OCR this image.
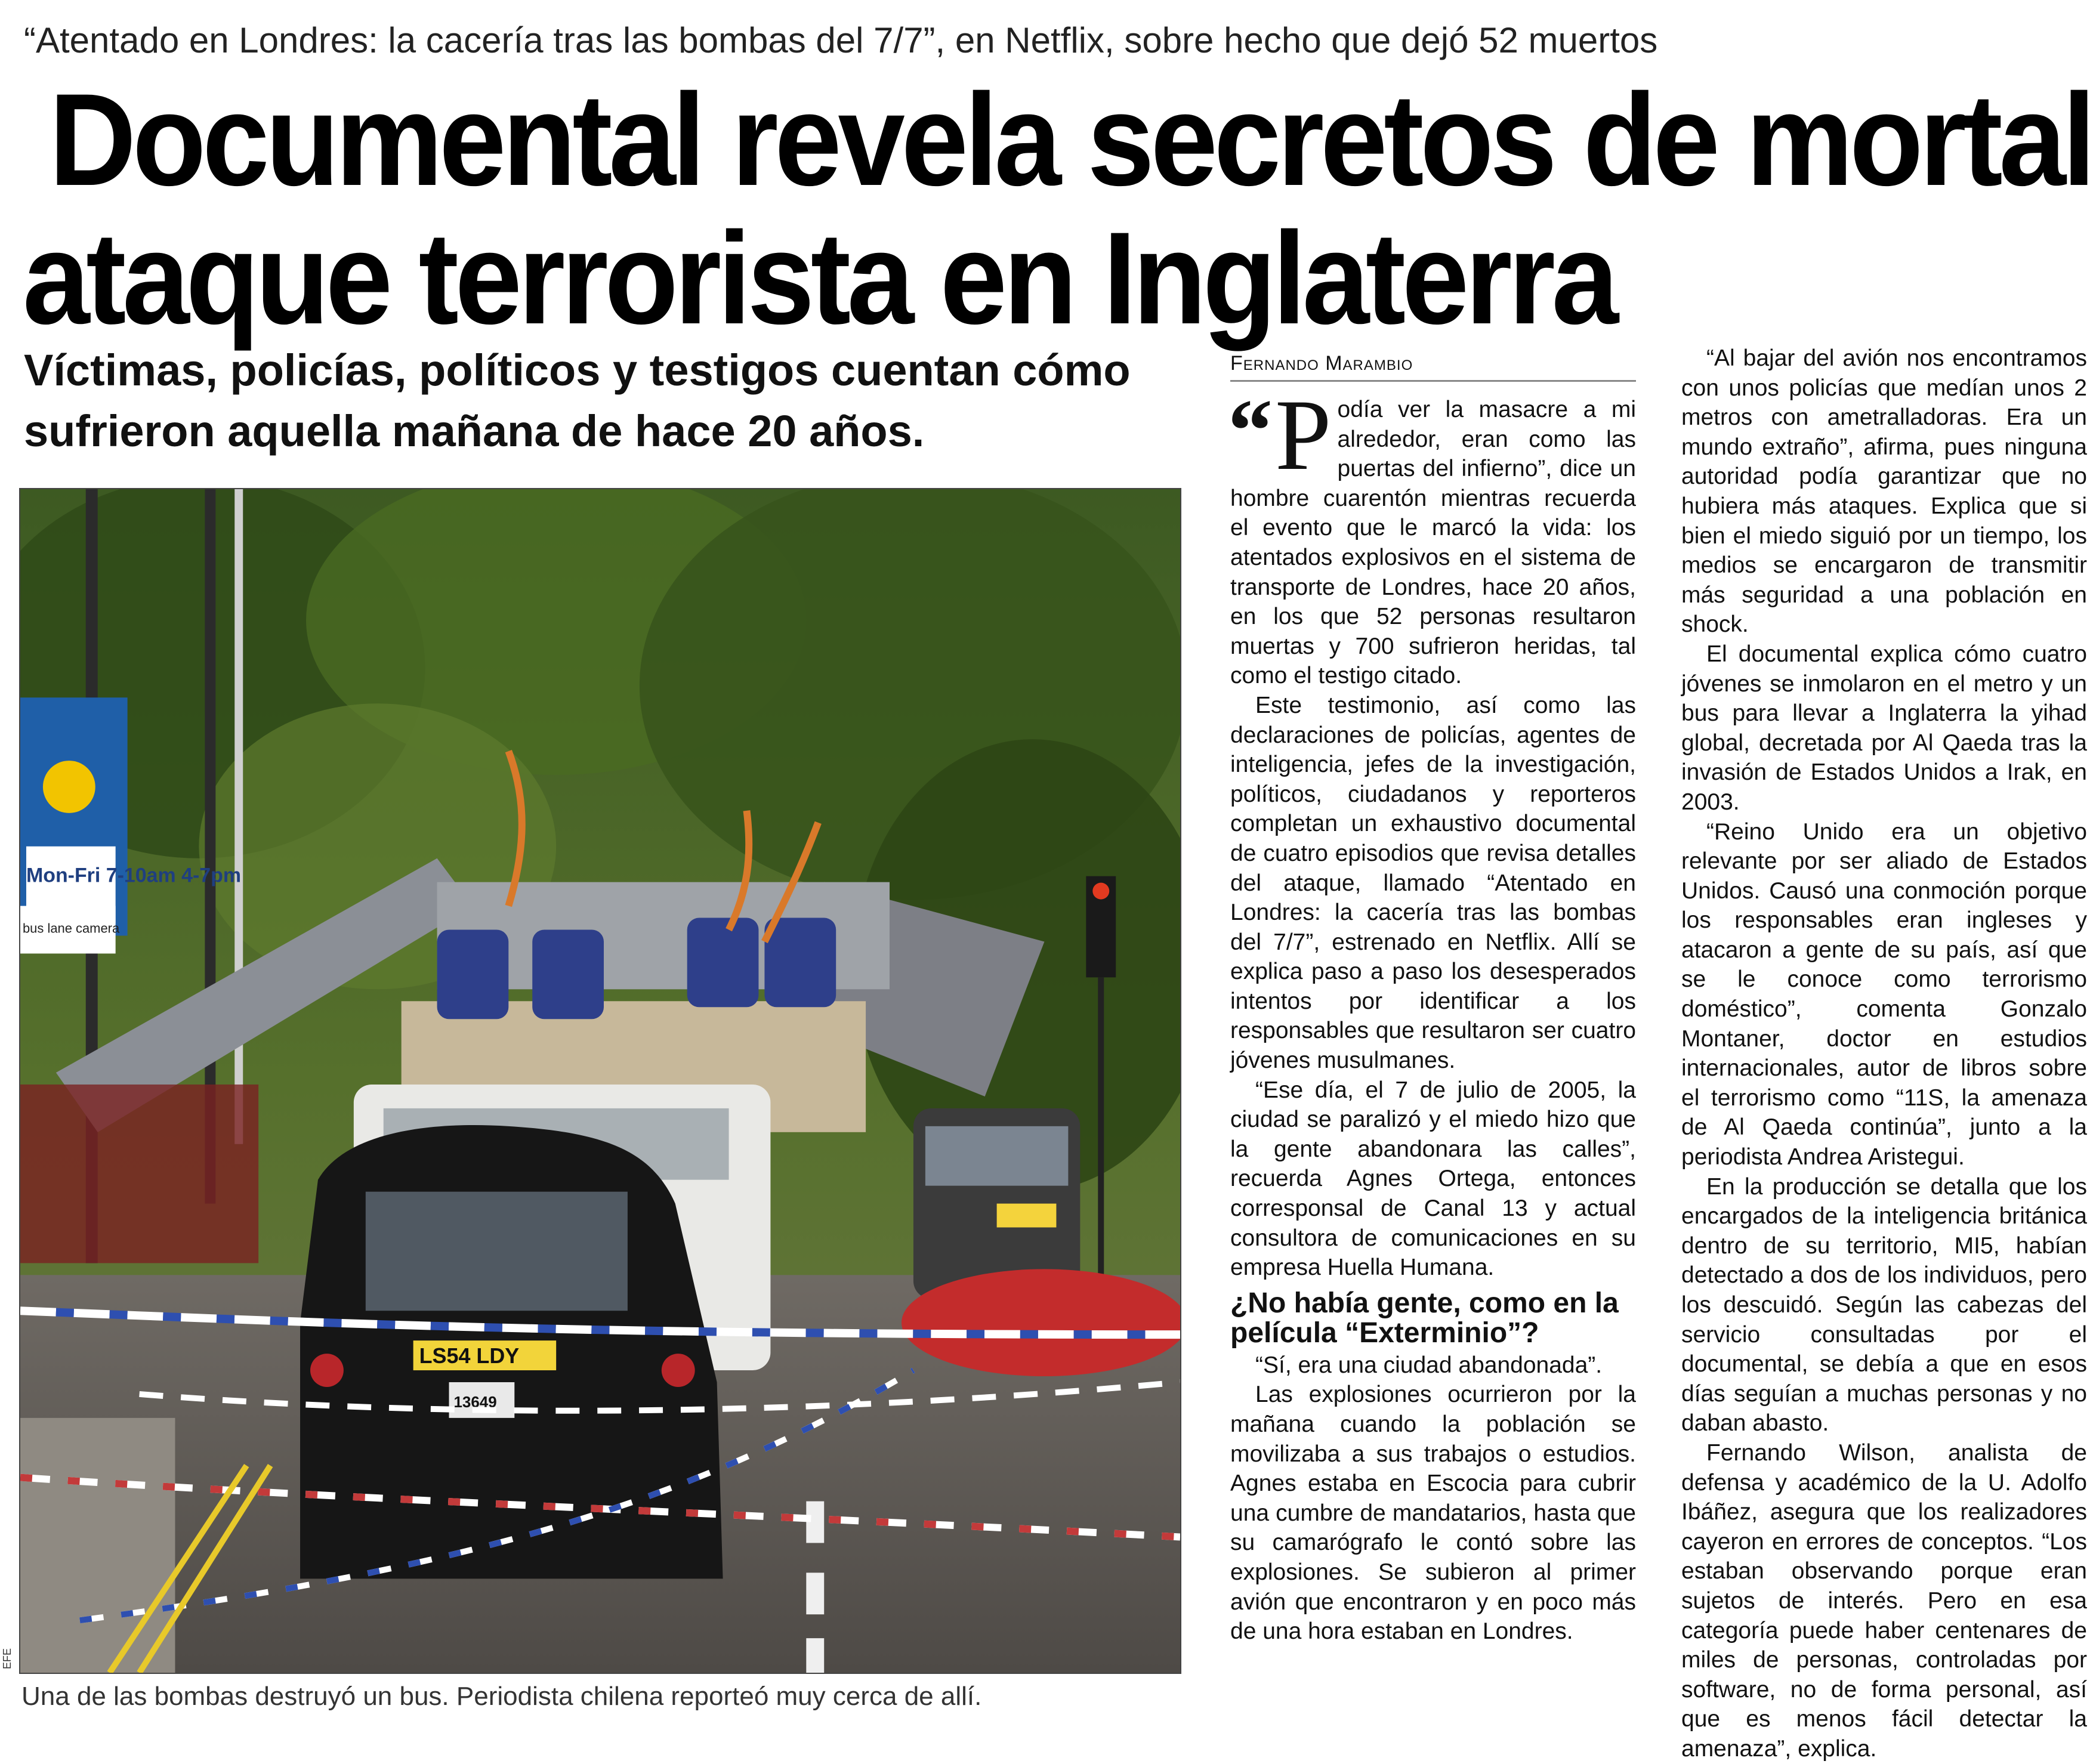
“Atentado en Londres: la cacería tras las bombas del 7/7”, en Netflix, sobre hecho que dejó 52 muertos
Documental revela secretos de mortal
ataque terrorista en Inglaterra
Víctimas, policías, políticos y testigos cuentan cómo sufrieron aquella mañana de hace 20 años.
Mon-Fri 7-10am 4-7pm
bus lane camera
LS54 LDY
13649
EFE
Una de las bombas destruyó un bus. Periodista chilena reporteó muy cerca de allí.
Fernando Marambio

“ P odía ver la masacre a mi alrededor, eran como las puertas del infierno”, dice un hombre cuarentón mientras recuerda el evento que le marcó la vida: los atentados explosivos en el sistema de transporte de Londres, hace 20 años, en los que 52 personas resultaron muertas y 700 sufrieron heridas, tal como el testigo citado.

Este testimonio, así como las declaraciones de policías, agentes de inteligencia, jefes de la investigación, políticos, ciudadanos y reporteros completan un exhaustivo documental de cuatro episodios que revisa detalles del ataque, llamado “Atentado en Londres: la cacería tras las bombas del 7/7”, estrenado en Netflix. Allí se explica paso a paso los desesperados intentos por identificar a los responsables que resultaron ser cuatro jóvenes musulmanes.

“Ese día, el 7 de julio de 2005, la ciudad se paralizó y el miedo hizo que la gente abandonara las calles”, recuerda Agnes Ortega, entonces corresponsal de Canal 13 y actual consultora de comunicaciones en su empresa Huella Humana.

¿No había gente, como en la película “Exterminio”?

“Sí, era una ciudad abandonada”.

Las explosiones ocurrieron por la mañana cuando la población se movilizaba a sus trabajos o estudios. Agnes estaba en Escocia para cubrir una cumbre de mandatarios, hasta que su camarógrafo le contó sobre las explosiones. Se subieron al primer avión que encontraron y en poco más de una hora estaban en Londres.

“Al bajar del avión nos encontramos con unos policías que medían unos 2 metros con ametralladoras. Era un mundo extraño”, afirma, pues ninguna autoridad podía garantizar que no hubiera más ataques. Explica que si bien el miedo siguió por un tiempo, los medios se encargaron de transmitir más seguridad a una población en shock.

El documental explica cómo cuatro jóvenes se inmolaron en el metro y un bus para llevar a Inglaterra la yihad global, decretada por Al Qaeda tras la invasión de Estados Unidos a Irak, en 2003.

“Reino Unido era un objetivo relevante por ser aliado de Estados Unidos. Causó una conmoción porque los responsables eran ingleses y atacaron a gente de su país, así que se le conoce como terrorismo doméstico”, comenta Gonzalo Montaner, doctor en estudios internacionales, autor de libros sobre el terrorismo como “11S, la amenaza de Al Qaeda continúa”, junto a la periodista Andrea Aristegui.

En la producción se detalla que los encargados de la inteligencia británica dentro de su territorio, MI5, habían detectado a dos de los individuos, pero los descuidó. Según las cabezas del servicio consultadas por el documental, se debía a que en esos días seguían a muchas personas y no daban abasto.

Fernando Wilson, analista de defensa y académico de la U. Adolfo Ibáñez, asegura que los realizadores cayeron en errores de conceptos. “Los estaban observando porque eran sujetos de interés. Pero en esa categoría puede haber centenares de miles de personas, controladas por software, no de forma personal, así que es menos fácil detectar la amenaza”, explica.
